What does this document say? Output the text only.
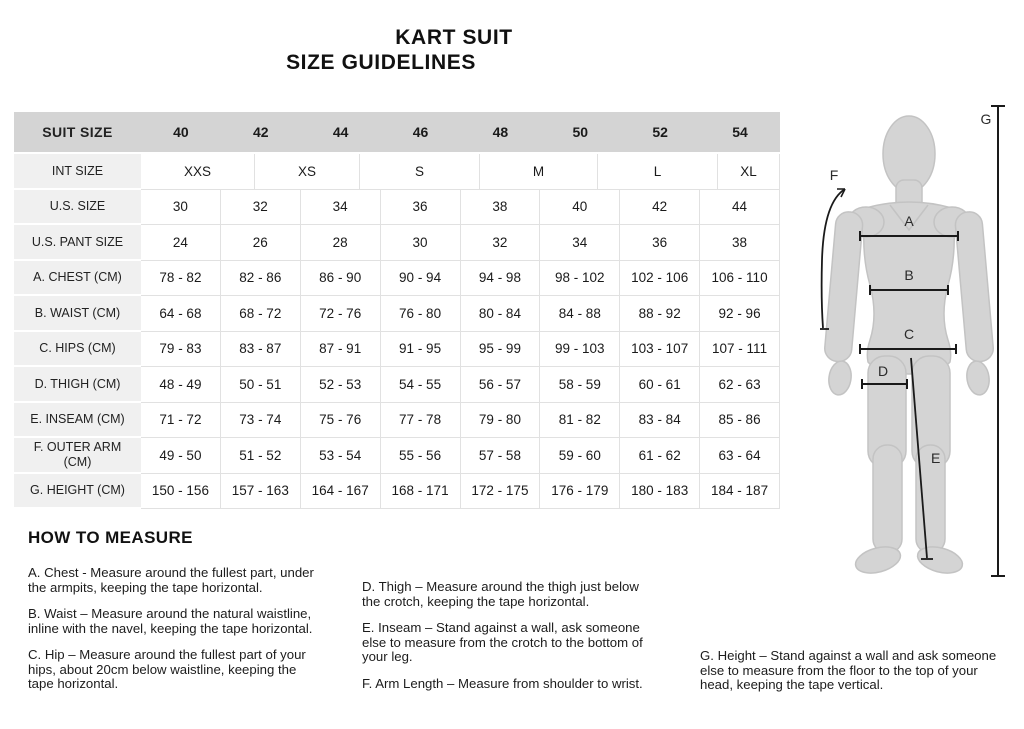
KART SUIT
SIZE GUIDELINES
SUIT SIZE	40	42	44	46	48	50	52	54
INT SIZE	XXS	XS	S	M	L	XL
U.S. SIZE	30	32	34	36	38	40	42	44
U.S. PANT SIZE	24	26	28	30	32	34	36	38
A. CHEST (CM)	78 - 82	82 - 86	86 - 90	90 - 94	94 - 98	98 - 102	102 - 106	106 - 110
B. WAIST (CM)	64 - 68	68 - 72	72 - 76	76 - 80	80 - 84	84 - 88	88 - 92	92 - 96
C. HIPS (CM)	79 - 83	83 - 87	87 - 91	91 - 95	95 - 99	99 - 103	103 - 107	107 - 111
D. THIGH (CM)	48 - 49	50 - 51	52 - 53	54 - 55	56 - 57	58 - 59	60 - 61	62 - 63
E. INSEAM (CM)	71 - 72	73 - 74	75 - 76	77 - 78	79 - 80	81 - 82	83 - 84	85 - 86
F. OUTER ARM (CM)	49 - 50	51 - 52	53 - 54	55 - 56	57 - 58	59 - 60	61 - 62	63 - 64
G. HEIGHT (CM)	150 - 156	157 - 163	164 - 167	168 - 171	172 - 175	176 - 179	180 - 183	184 - 187
HOW TO MEASURE
A. Chest - Measure around the fullest part, under
the armpits, keeping the tape horizontal.
B. Waist – Measure around the natural waistline,
inline with the navel, keeping the tape horizontal.
C. Hip – Measure around the fullest part of your
hips, about 20cm below waistline, keeping the
tape horizontal.
D. Thigh – Measure around the thigh just below
the crotch, keeping the tape horizontal.
E. Inseam – Stand against a wall, ask someone
else to measure from the crotch to the bottom of
your leg.
F. Arm Length – Measure from shoulder to wrist.
G. Height – Stand against a wall and ask someone
else to measure from the floor to the top of your
head, keeping the tape vertical.
A
B
C
D
E
F
G
